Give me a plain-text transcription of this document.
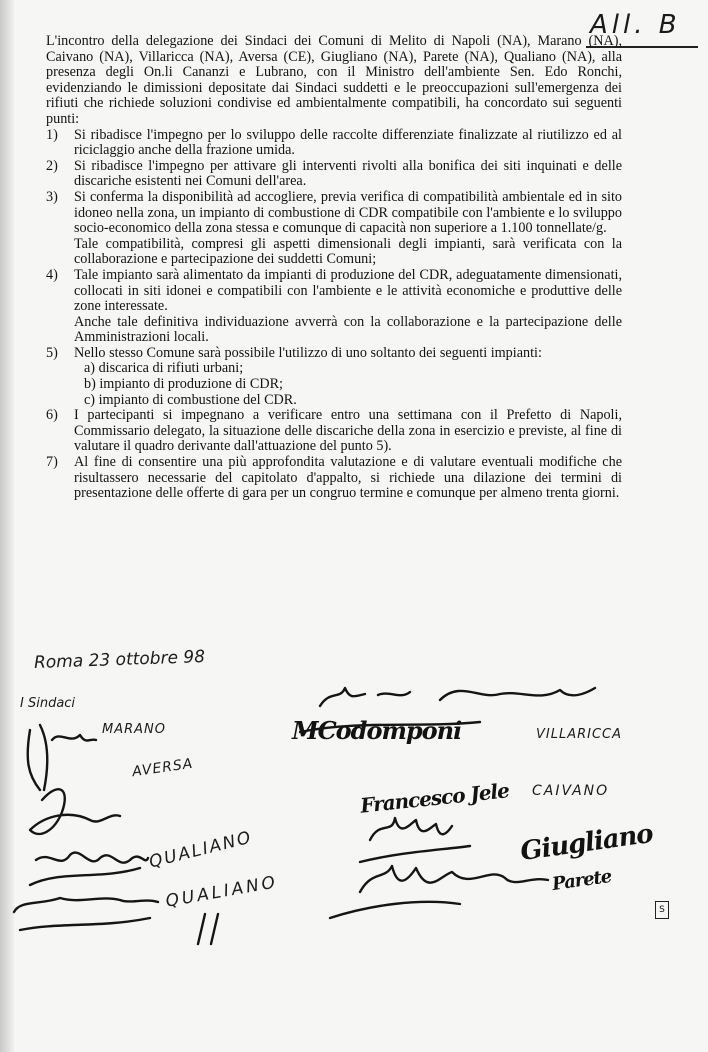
All. B

L'incontro della delegazione dei Sindaci dei Comuni di Melito di Napoli (NA), Marano (NA), Caivano (NA), Villaricca (NA), Aversa (CE), Giugliano (NA), Parete (NA), Qualiano (NA), alla presenza degli On.li Cananzi e Lubrano, con il Ministro dell'ambiente Sen. Edo Ronchi, evidenziando le dimissioni depositate dai Sindaci suddetti e le preoccupazioni sull'emergenza dei rifiuti che richiede soluzioni condivise ed ambientalmente compatibili, ha concordato sui seguenti punti:

1)	Si ribadisce l'impegno per lo sviluppo delle raccolte differenziate finalizzate al riutilizzo ed al riciclaggio anche della frazione umida.

2)	Si ribadisce l'impegno per attivare gli interventi rivolti alla bonifica dei siti inquinati e delle discariche esistenti nei Comuni dell'area.

3)	Si conferma la disponibilità ad accogliere, previa verifica di compatibilità ambientale ed in sito idoneo nella zona, un impianto di combustione di CDR compatibile con l'ambiente e lo sviluppo socio-economico della zona stessa e comunque di capacità non superiore a 1.100 tonnellate/g.

Tale compatibilità, compresi gli aspetti dimensionali degli impianti, sarà verificata con la collaborazione e partecipazione dei suddetti Comuni;

4)	Tale impianto sarà alimentato da impianti di produzione del CDR, adeguatamente dimensionati, collocati in siti idonei e compatibili con l'ambiente e le attività economiche e produttive delle zone interessate.

Anche tale definitiva individuazione avverrà con la collaborazione e la partecipazione delle Amministrazioni locali.

5)	Nello stesso Comune sarà possibile l'utilizzo di uno soltanto dei seguenti impianti:

a) discarica di rifiuti urbani;
b) impianto di produzione di CDR;
c) impianto di combustione del CDR.
6)	I partecipanti si impegnano a verificare entro una settimana con il Prefetto di Napoli, Commissario delegato, la situazione delle discariche della zona in esercizio e previste, al fine di valutare il quadro derivante dall'attuazione del punto 5).

7)	Al fine di consentire una più approfondita valutazione e di valutare eventuali modifiche che risultassero necessarie del capitolato d'appalto, si richiede una dilazione dei termini di presentazione delle offerte di gara per un congruo termine e comunque per almeno trenta giorni.

Roma 23 ottobre 98
I Sindaci
MARANO
AVERSA
QUALIANO
QUALIANO
VILLARICCA
CAIVANO
MCodomponi
Francesco Jele
Giugliano
Parete
S
